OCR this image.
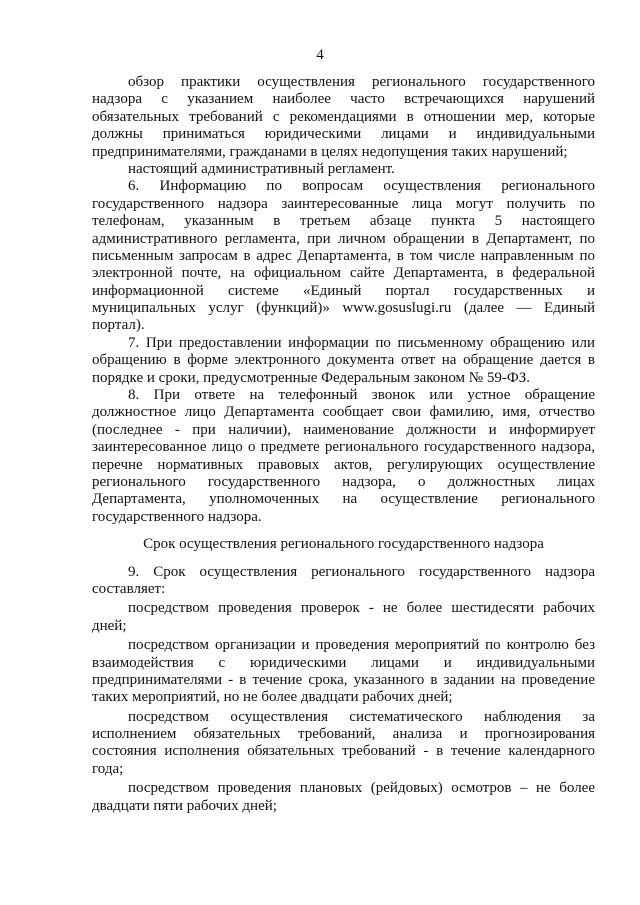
4
обзор практики осуществления регионального государственного
надзора с указанием наиболее часто встречающихся нарушений
обязательных требований с рекомендациями в отношении мер, которые
должны приниматься юридическими лицами и индивидуальными
предпринимателями, гражданами в целях недопущения таких нарушений;
настоящий административный регламент.
6. Информацию по вопросам осуществления регионального
государственного надзора заинтересованные лица могут получить по
телефонам, указанным в третьем абзаце пункта 5 настоящего
административного регламента, при личном обращении в Департамент, по
письменным запросам в адрес Департамента, в том числе направленным по
электронной почте, на официальном сайте Департамента, в федеральной
информационной системе «Единый портал государственных и
муниципальных услуг (функций)» www.gosuslugi.ru (далее — Единый
портал).
7. При предоставлении информации по письменному обращению или
обращению в форме электронного документа ответ на обращение дается в
порядке и сроки, предусмотренные Федеральным законом № 59-ФЗ.
8. При ответе на телефонный звонок или устное обращение
должностное лицо Департамента сообщает свои фамилию, имя, отчество
(последнее - при наличии), наименование должности и информирует
заинтересованное лицо о предмете регионального государственного надзора,
перечне нормативных правовых актов, регулирующих осуществление
регионального государственного надзора, о должностных лицах
Департамента, уполномоченных на осуществление регионального
государственного надзора.
Срок осуществления регионального государственного надзора
9. Срок осуществления регионального государственного надзора
составляет:
посредством проведения проверок - не более шестидесяти рабочих
дней;
посредством организации и проведения мероприятий по контролю без
взаимодействия с юридическими лицами и индивидуальными
предпринимателями - в течение срока, указанного в задании на проведение
таких мероприятий, но не более двадцати рабочих дней;
посредством осуществления систематического наблюдения за
исполнением обязательных требований, анализа и прогнозирования
состояния исполнения обязательных требований - в течение календарного
года;
посредством проведения плановых (рейдовых) осмотров – не более
двадцати пяти рабочих дней;
